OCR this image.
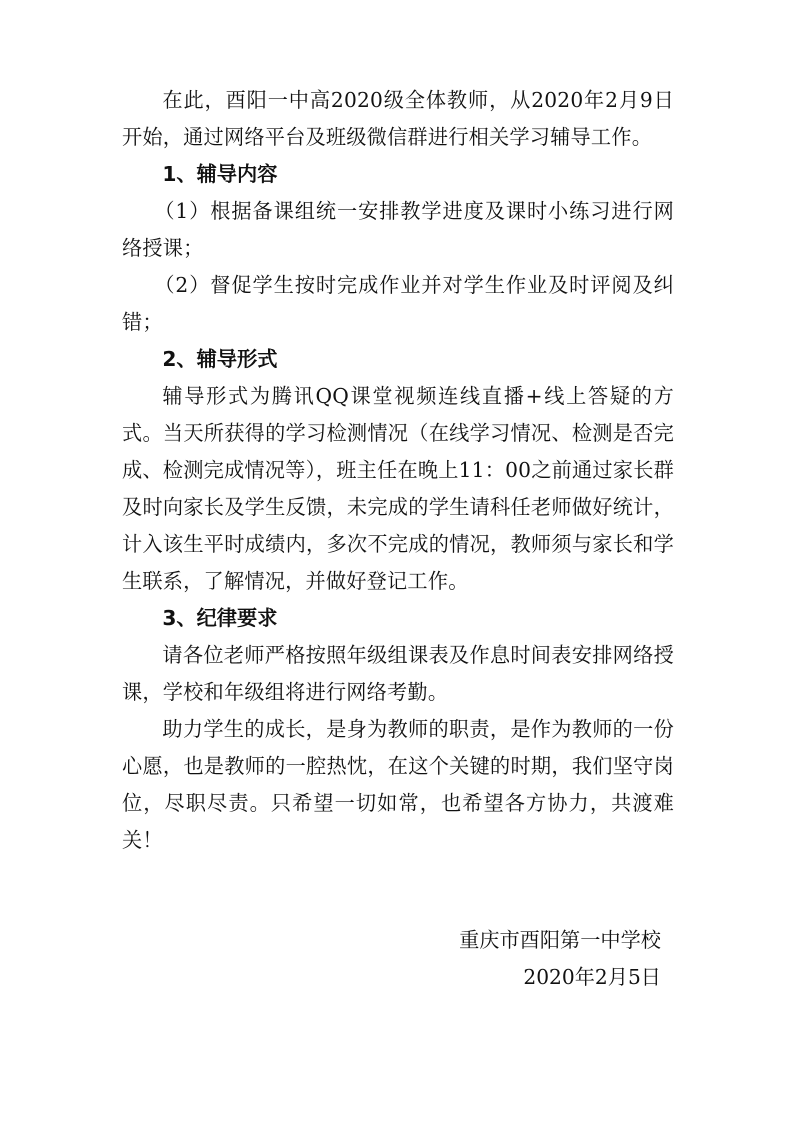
在此，酉阳一中高2020级全体教师，从2020年2月9日开始，通过网络平台及班级微信群进行相关学习辅导工作。

1、辅导内容

（1）根据备课组统一安排教学进度及课时小练习进行网络授课；

（2）督促学生按时完成作业并对学生作业及时评阅及纠错；

2、辅导形式

辅导形式为腾讯QQ课堂视频连线直播+线上答疑的方式。当天所获得的学习检测情况（在线学习情况、检测是否完成、检测完成情况等），班主任在晚上11：00之前通过家长群及时向家长及学生反馈，未完成的学生请科任老师做好统计，计入该生平时成绩内，多次不完成的情况，教师须与家长和学生联系，了解情况，并做好登记工作。

3、纪律要求

请各位老师严格按照年级组课表及作息时间表安排网络授课，学校和年级组将进行网络考勤。

助力学生的成长，是身为教师的职责，是作为教师的一份心愿，也是教师的一腔热忱，在这个关键的时期，我们坚守岗位，尽职尽责。只希望一切如常，也希望各方协力，共渡难关！

重庆市酉阳第一中学校
2020年2月5日
